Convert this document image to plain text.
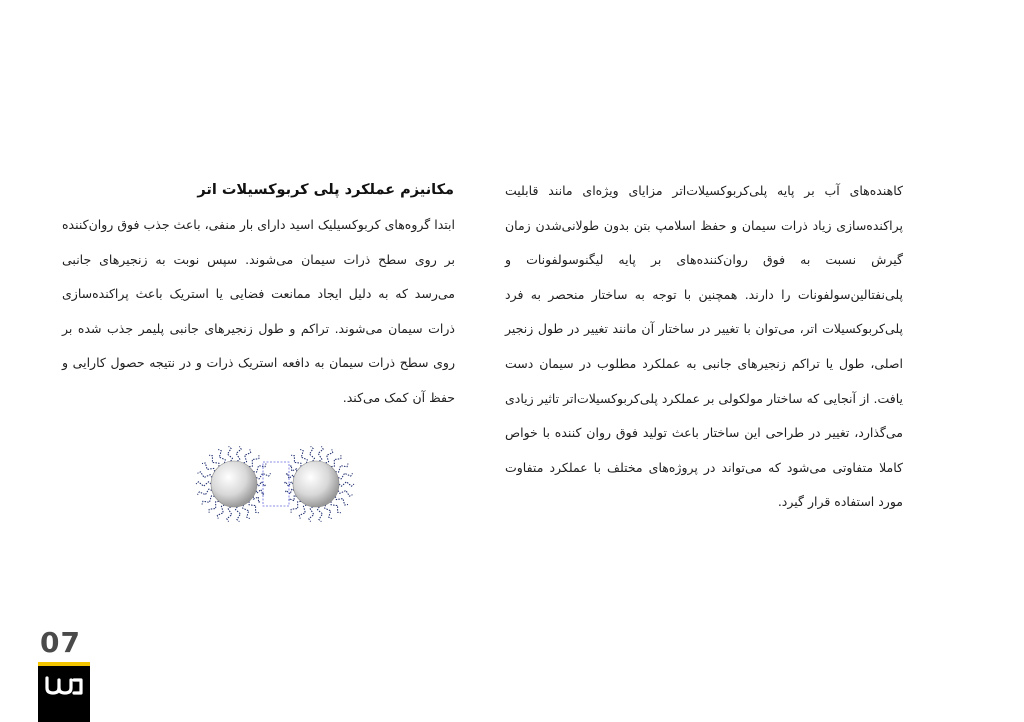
کاهنده‌های آب بر پایه پلی‌کربوکسیلات‌اتر مزایای ویژه‌ای مانند قابلیت پراکنده‌سازی زیاد ذرات سیمان و حفظ اسلامپ بتن بدون طولانی‌شدن زمان گیرش نسبت به فوق روان‌کننده‌های بر پایه لیگنوسولفونات و پلی‌نفتالین‌سولفونات را دارند. همچنین با توجه به ساختار منحصر به فرد پلی‌کربوکسیلات اتر، می‌توان با تغییر در ساختار آن مانند تغییر در طول زنجیر اصلی، طول یا تراکم زنجیرهای جانبی به عملکرد مطلوب در سیمان دست یافت. از آنجایی که ساختار مولکولی بر عملکرد پلی‌کربوکسیلات‌اتر تاثیر زیادی می‌گذارد، تغییر در طراحی این ساختار باعث تولید فوق روان کننده با خواص کاملا متفاوتی می‌شود که می‌تواند در پروژه‌های مختلف با عملکرد متفاوت مورد استفاده قرار گیرد.

مکانیزم عملکرد پلی کربوکسیلات اتر

ابتدا گروه‌های کربوکسیلیک اسید دارای بار منفی، باعث جذب فوق روان‌کننده بر روی سطح ذرات سیمان می‌شوند. سپس نوبت به زنجیرهای جانبی می‌رسد که به دلیل ایجاد ممانعت فضایی یا استریک باعث پراکنده‌سازی ذرات سیمان می‌شوند. تراکم و طول زنجیرهای جانبی پلیمر جذب شده بر روی سطح ذرات سیمان به دافعه استریک ذرات و در نتیجه حصول کارایی و حفظ آن کمک می‌کند.

07
